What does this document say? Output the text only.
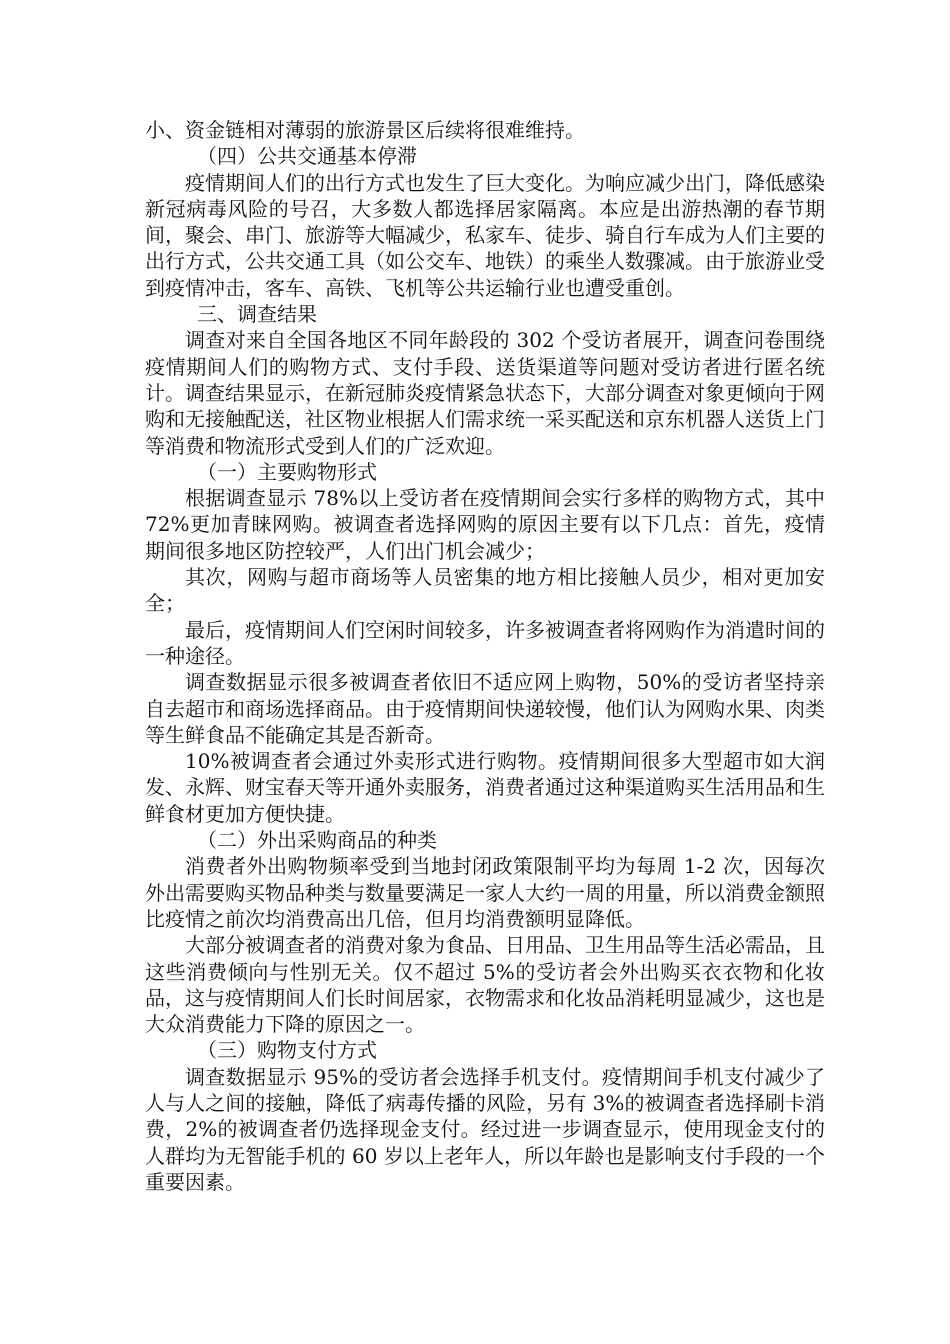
小、资金链相对薄弱的旅游景区后续将很难维持。

（四）公共交通基本停滞

疫情期间人们的出行方式也发生了巨大变化。为响应减少出门，降低感染新冠病毒风险的号召，大多数人都选择居家隔离。本应是出游热潮的春节期间，聚会、串门、旅游等大幅减少，私家车、徒步、骑自行车成为人们主要的出行方式，公共交通工具（如公交车、地铁）的乘坐人数骤减。由于旅游业受到疫情冲击，客车、高铁、飞机等公共运输行业也遭受重创。

三、调查结果

调查对来自全国各地区不同年龄段的 302 个受访者展开，调查问卷围绕疫情期间人们的购物方式、支付手段、送货渠道等问题对受访者进行匿名统计。调查结果显示，在新冠肺炎疫情紧急状态下，大部分调查对象更倾向于网购和无接触配送，社区物业根据人们需求统一采买配送和京东机器人送货上门等消费和物流形式受到人们的广泛欢迎。

（一）主要购物形式

根据调查显示 78%以上受访者在疫情期间会实行多样的购物方式，其中 72%更加青睐网购。被调查者选择网购的原因主要有以下几点：首先，疫情期间很多地区防控较严，人们出门机会减少；

其次，网购与超市商场等人员密集的地方相比接触人员少，相对更加安全；

最后，疫情期间人们空闲时间较多，许多被调查者将网购作为消遣时间的一种途径。

调查数据显示很多被调查者依旧不适应网上购物，50%的受访者坚持亲自去超市和商场选择商品。由于疫情期间快递较慢，他们认为网购水果、肉类等生鲜食品不能确定其是否新奇。

10%被调查者会通过外卖形式进行购物。疫情期间很多大型超市如大润发、永辉、财宝春天等开通外卖服务，消费者通过这种渠道购买生活用品和生鲜食材更加方便快捷。

（二）外出采购商品的种类

消费者外出购物频率受到当地封闭政策限制平均为每周 1-2 次，因每次外出需要购买物品种类与数量要满足一家人大约一周的用量，所以消费金额照比疫情之前次均消费高出几倍，但月均消费额明显降低。

大部分被调查者的消费对象为食品、日用品、卫生用品等生活必需品，且这些消费倾向与性别无关。仅不超过 5%的受访者会外出购买衣衣物和化妆品，这与疫情期间人们长时间居家，衣物需求和化妆品消耗明显减少，这也是大众消费能力下降的原因之一。

（三）购物支付方式

调查数据显示 95%的受访者会选择手机支付。疫情期间手机支付减少了人与人之间的接触，降低了病毒传播的风险，另有 3%的被调查者选择刷卡消费，2%的被调查者仍选择现金支付。经过进一步调查显示，使用现金支付的人群均为无智能手机的 60 岁以上老年人，所以年龄也是影响支付手段的一个重要因素。
